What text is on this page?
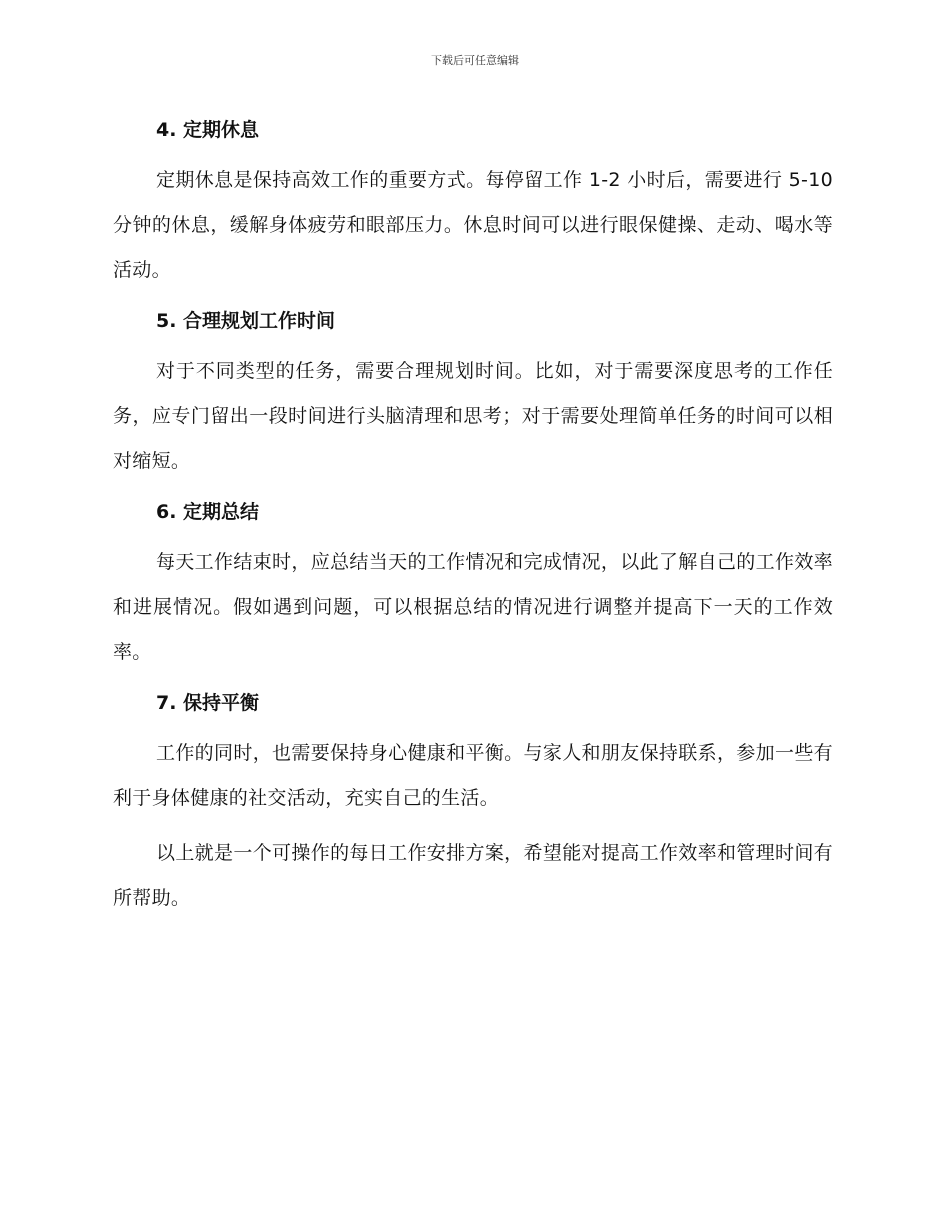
下载后可任意编辑
4. 定期休息

定期休息是保持高效工作的重要方式。每停留工作 1-2 小时后，需要进行 5-10 分钟的休息，缓解身体疲劳和眼部压力。休息时间可以进行眼保健操、走动、喝水等活动。

5. 合理规划工作时间

对于不同类型的任务，需要合理规划时间。比如，对于需要深度思考的工作任务，应专门留出一段时间进行头脑清理和思考；对于需要处理简单任务的时间可以相对缩短。

6. 定期总结

每天工作结束时，应总结当天的工作情况和完成情况，以此了解自己的工作效率和进展情况。假如遇到问题，可以根据总结的情况进行调整并提高下一天的工作效率。

7. 保持平衡

工作的同时，也需要保持身心健康和平衡。与家人和朋友保持联系，参加一些有利于身体健康的社交活动，充实自己的生活。

以上就是一个可操作的每日工作安排方案，希望能对提高工作效率和管理时间有所帮助。
